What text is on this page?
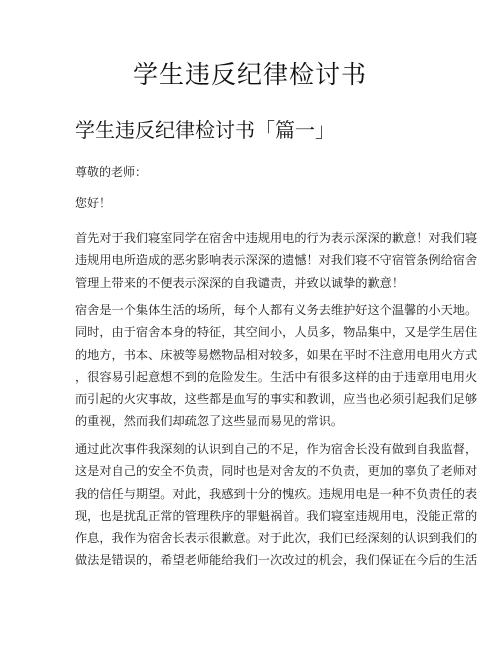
学生违反纪律检讨书
学生违反纪律检讨书「篇一」
尊敬的老师：
您好！
首先对于我们寝室同学在宿舍中违规用电的行为表示深深的歉意！对我们寝
违规用电所造成的恶劣影响表示深深的遗憾！对我们寝不守宿管条例给宿舍
管理上带来的不便表示深深的自我谴责，并致以诚挚的歉意！
宿舍是一个集体生活的场所，每个人都有义务去维护好这个温馨的小天地。
同时，由于宿舍本身的特征，其空间小，人员多，物品集中，又是学生居住
的地方，书本、床被等易燃物品相对较多，如果在平时不注意用电用火方式
，很容易引起意想不到的危险发生。生活中有很多这样的由于违章用电用火
而引起的火灾事故，这些都是血写的事实和教训，应当也必须引起我们足够
的重视，然而我们却疏忽了这些显而易见的常识。
通过此次事件我深刻的认识到自己的不足，作为宿舍长没有做到自我监督，
这是对自己的安全不负责，同时也是对舍友的不负责，更加的辜负了老师对
我的信任与期望。对此，我感到十分的愧疚。违规用电是一种不负责任的表
现，也是扰乱正常的管理秩序的罪魁祸首。我们寝室违规用电，没能正常的
作息，我作为宿舍长表示很歉意。对于此次，我们已经深刻的认识到我们的
做法是错误的，希望老师能给我们一次改过的机会，我们保证在今后的生活
